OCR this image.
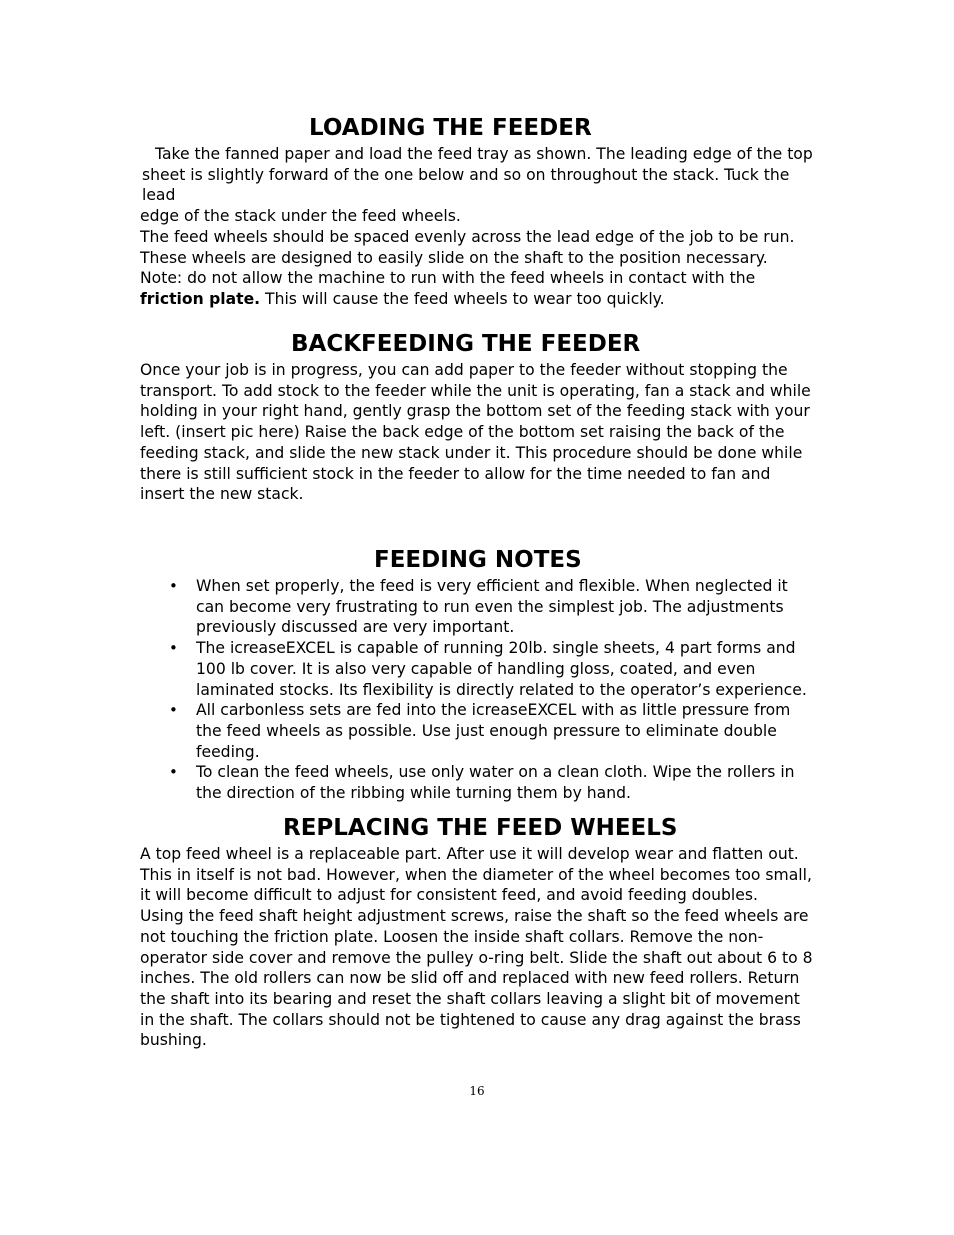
LOADING THE FEEDER

Take the fanned paper and load the feed tray as shown. The leading edge of the top
sheet is slightly forward of the one below and so on throughout the stack. Tuck the lead
edge of the stack under the feed wheels.

The feed wheels should be spaced evenly across the lead edge of the job to be run. These wheels are designed to easily slide on the shaft to the position necessary.

Note: do not allow the machine to run with the feed wheels in contact with the friction plate. This will cause the feed wheels to wear too quickly.

BACKFEEDING THE FEEDER

Once your job is in progress, you can add paper to the feeder without stopping the transport. To add stock to the feeder while the unit is operating, fan a stack and while holding in your right hand, gently grasp the bottom set of the feeding stack with your left. (insert pic here) Raise the back edge of the bottom set raising the back of the feeding stack, and slide the new stack under it. This procedure should be done while there is still sufficient stock in the feeder to allow for the time needed to fan and insert the new stack.

FEEDING NOTES
• When set properly, the feed is very efficient and flexible. When neglected it can become very frustrating to run even the simplest job. The adjustments previously discussed are very important.
• The icreaseEXCEL is capable of running 20lb. single sheets, 4 part forms and 100 lb cover. It is also very capable of handling gloss, coated, and even laminated stocks. Its flexibility is directly related to the operator’s experience.
• All carbonless sets are fed into the icreaseEXCEL with as little pressure from the feed wheels as possible. Use just enough pressure to eliminate double feeding.
• To clean the feed wheels, use only water on a clean cloth. Wipe the rollers in the direction of the ribbing while turning them by hand.
REPLACING THE FEED WHEELS

A top feed wheel is a replaceable part. After use it will develop wear and flatten out. This in itself is not bad. However, when the diameter of the wheel becomes too small, it will become difficult to adjust for consistent feed, and avoid feeding doubles.

Using the feed shaft height adjustment screws, raise the shaft so the feed wheels are not touching the friction plate. Loosen the inside shaft collars. Remove the non-operator side cover and remove the pulley o-ring belt. Slide the shaft out about 6 to 8 inches. The old rollers can now be slid off and replaced with new feed rollers. Return the shaft into its bearing and reset the shaft collars leaving a slight bit of movement in the shaft. The collars should not be tightened to cause any drag against the brass bushing.

16
